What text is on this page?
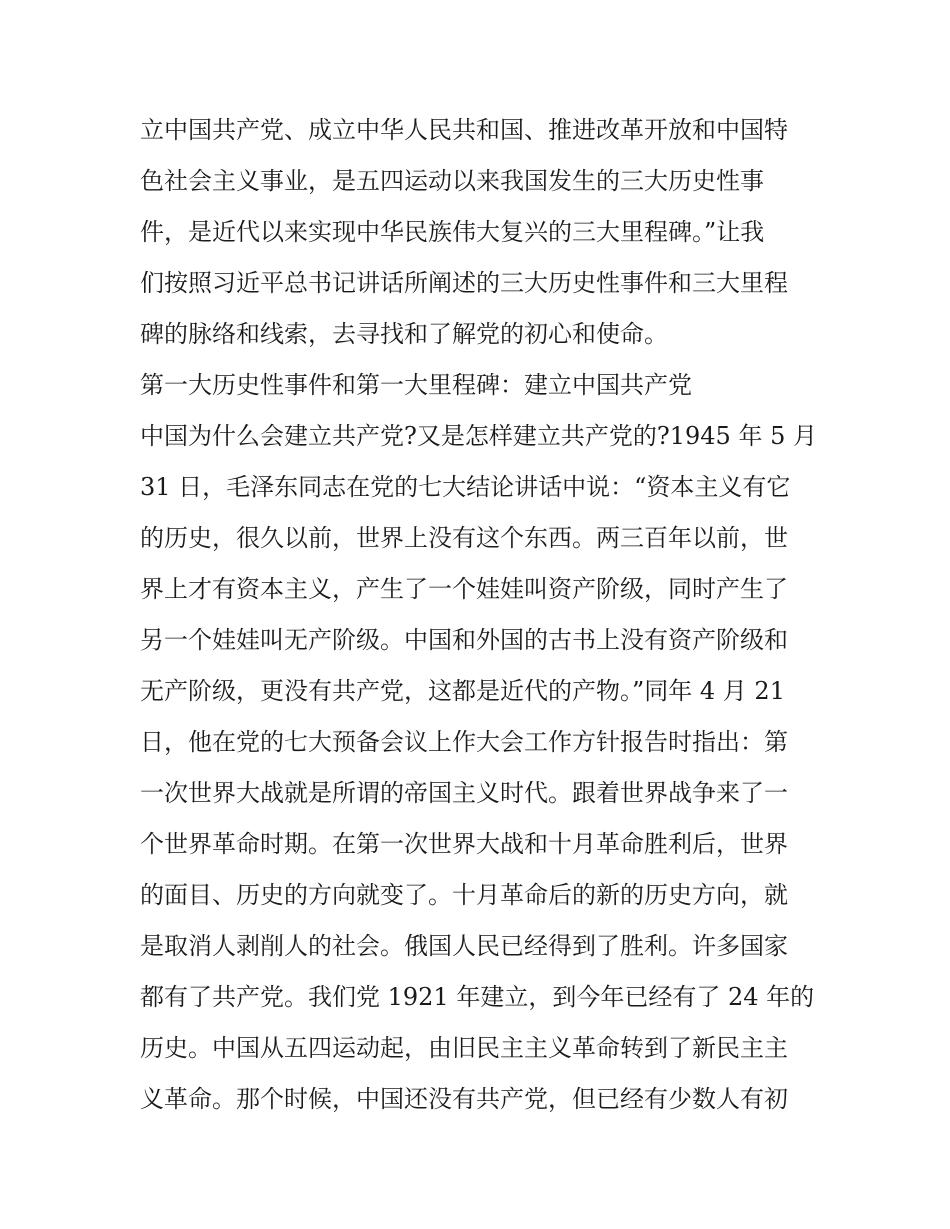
立中国共产党、成立中华人民共和国、推进改革开放和中国特
色社会主义事业，是五四运动以来我国发生的三大历史性事
件，是近代以来实现中华民族伟大复兴的三大里程碑。”让我
们按照习近平总书记讲话所阐述的三大历史性事件和三大里程
碑的脉络和线索，去寻找和了解党的初心和使命。
第一大历史性事件和第一大里程碑：建立中国共产党
中国为什么会建立共产党?又是怎样建立共产党的?1945 年 5 月
31 日，毛泽东同志在党的七大结论讲话中说：“资本主义有它
的历史，很久以前，世界上没有这个东西。两三百年以前，世
界上才有资本主义，产生了一个娃娃叫资产阶级，同时产生了
另一个娃娃叫无产阶级。中国和外国的古书上没有资产阶级和
无产阶级，更没有共产党，这都是近代的产物。”同年 4 月 21
日，他在党的七大预备会议上作大会工作方针报告时指出：第
一次世界大战就是所谓的帝国主义时代。跟着世界战争来了一
个世界革命时期。在第一次世界大战和十月革命胜利后，世界
的面目、历史的方向就变了。十月革命后的新的历史方向，就
是取消人剥削人的社会。俄国人民已经得到了胜利。许多国家
都有了共产党。我们党 1921 年建立，到今年已经有了 24 年的
历史。中国从五四运动起，由旧民主主义革命转到了新民主主
义革命。那个时候，中国还没有共产党，但已经有少数人有初
